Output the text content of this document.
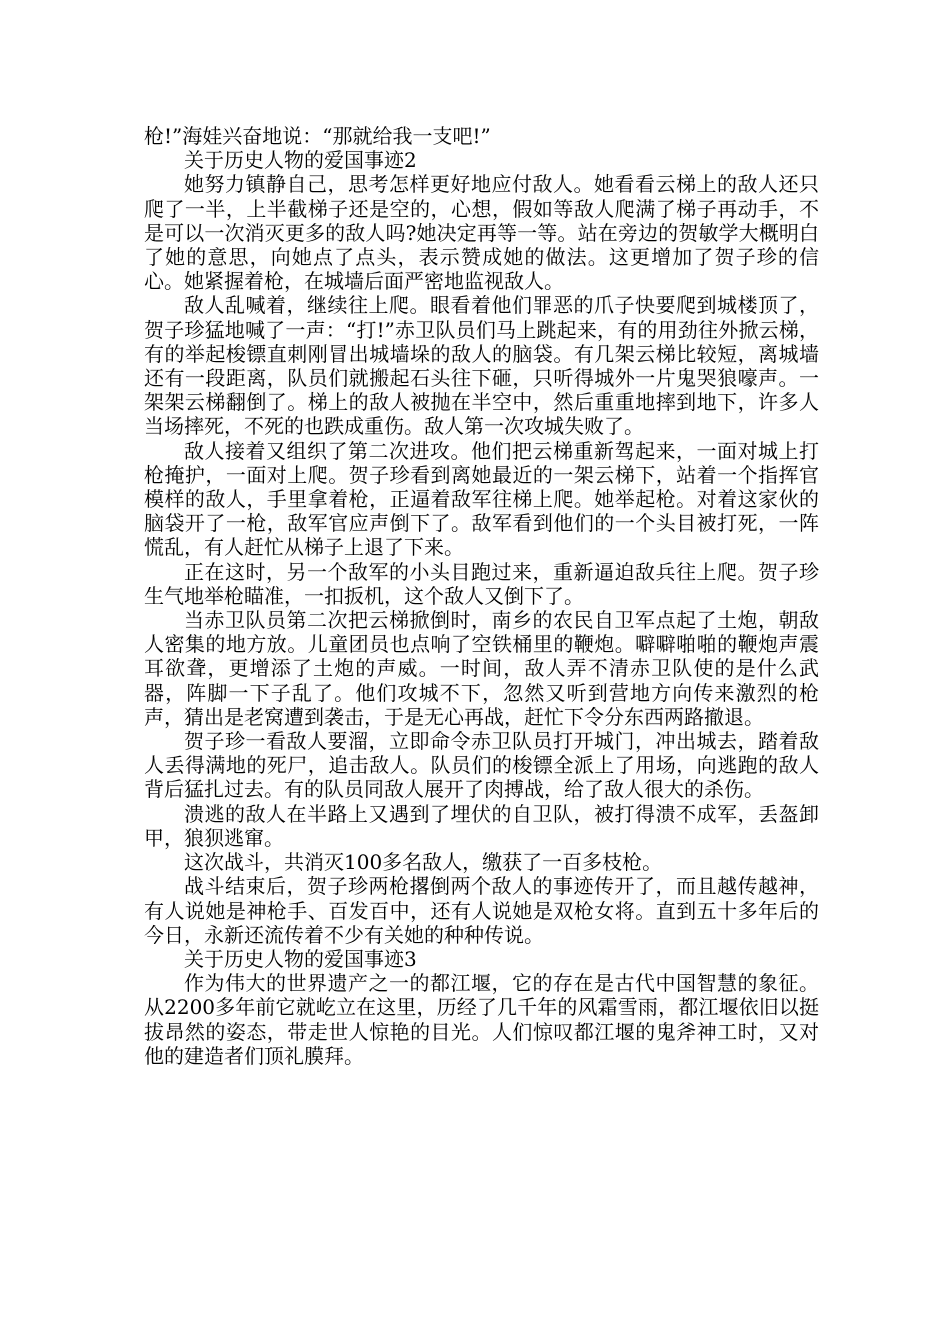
枪!”海娃兴奋地说：“那就给我一支吧!”

关于历史人物的爱国事迹2

她努力镇静自己，思考怎样更好地应付敌人。她看看云梯上的敌人还只爬了一半，上半截梯子还是空的，心想，假如等敌人爬满了梯子再动手，不是可以一次消灭更多的敌人吗?她决定再等一等。站在旁边的贺敏学大概明白了她的意思，向她点了点头，表示赞成她的做法。这更增加了贺子珍的信心。她紧握着枪，在城墙后面严密地监视敌人。

敌人乱喊着，继续往上爬。眼看着他们罪恶的爪子快要爬到城楼顶了，贺子珍猛地喊了一声：“打!”赤卫队员们马上跳起来，有的用劲往外掀云梯，有的举起梭镖直刺刚冒出城墙垛的敌人的脑袋。有几架云梯比较短，离城墙还有一段距离，队员们就搬起石头往下砸，只听得城外一片鬼哭狼嚎声。一架架云梯翻倒了。梯上的敌人被抛在半空中，然后重重地摔到地下，许多人当场摔死，不死的也跌成重伤。敌人第一次攻城失败了。

敌人接着又组织了第二次进攻。他们把云梯重新驾起来，一面对城上打枪掩护，一面对上爬。贺子珍看到离她最近的一架云梯下，站着一个指挥官模样的敌人，手里拿着枪，正逼着敌军往梯上爬。她举起枪。对着这家伙的脑袋开了一枪，敌军官应声倒下了。敌军看到他们的一个头目被打死，一阵慌乱，有人赶忙从梯子上退了下来。

正在这时，另一个敌军的小头目跑过来，重新逼迫敌兵往上爬。贺子珍生气地举枪瞄准，一扣扳机，这个敌人又倒下了。

当赤卫队员第二次把云梯掀倒时，南乡的农民自卫军点起了土炮，朝敌人密集的地方放。儿童团员也点响了空铁桶里的鞭炮。噼噼啪啪的鞭炮声震耳欲聋，更增添了土炮的声威。一时间，敌人弄不清赤卫队使的是什么武器，阵脚一下子乱了。他们攻城不下，忽然又听到营地方向传来激烈的枪声，猜出是老窝遭到袭击，于是无心再战，赶忙下令分东西两路撤退。

贺子珍一看敌人要溜，立即命令赤卫队员打开城门，冲出城去，踏着敌人丢得满地的死尸，追击敌人。队员们的梭镖全派上了用场，向逃跑的敌人背后猛扎过去。有的队员同敌人展开了肉搏战，给了敌人很大的杀伤。

溃逃的敌人在半路上又遇到了埋伏的自卫队，被打得溃不成军，丢盔卸甲，狼狈逃窜。

这次战斗，共消灭100多名敌人，缴获了一百多枝枪。

战斗结束后，贺子珍两枪撂倒两个敌人的事迹传开了，而且越传越神，有人说她是神枪手、百发百中，还有人说她是双枪女将。直到五十多年后的今日，永新还流传着不少有关她的种种传说。

关于历史人物的爱国事迹3

作为伟大的世界遗产之一的都江堰，它的存在是古代中国智慧的象征。从2200多年前它就屹立在这里，历经了几千年的风霜雪雨，都江堰依旧以挺拔昂然的姿态，带走世人惊艳的目光。人们惊叹都江堰的鬼斧神工时，又对他的建造者们顶礼膜拜。
